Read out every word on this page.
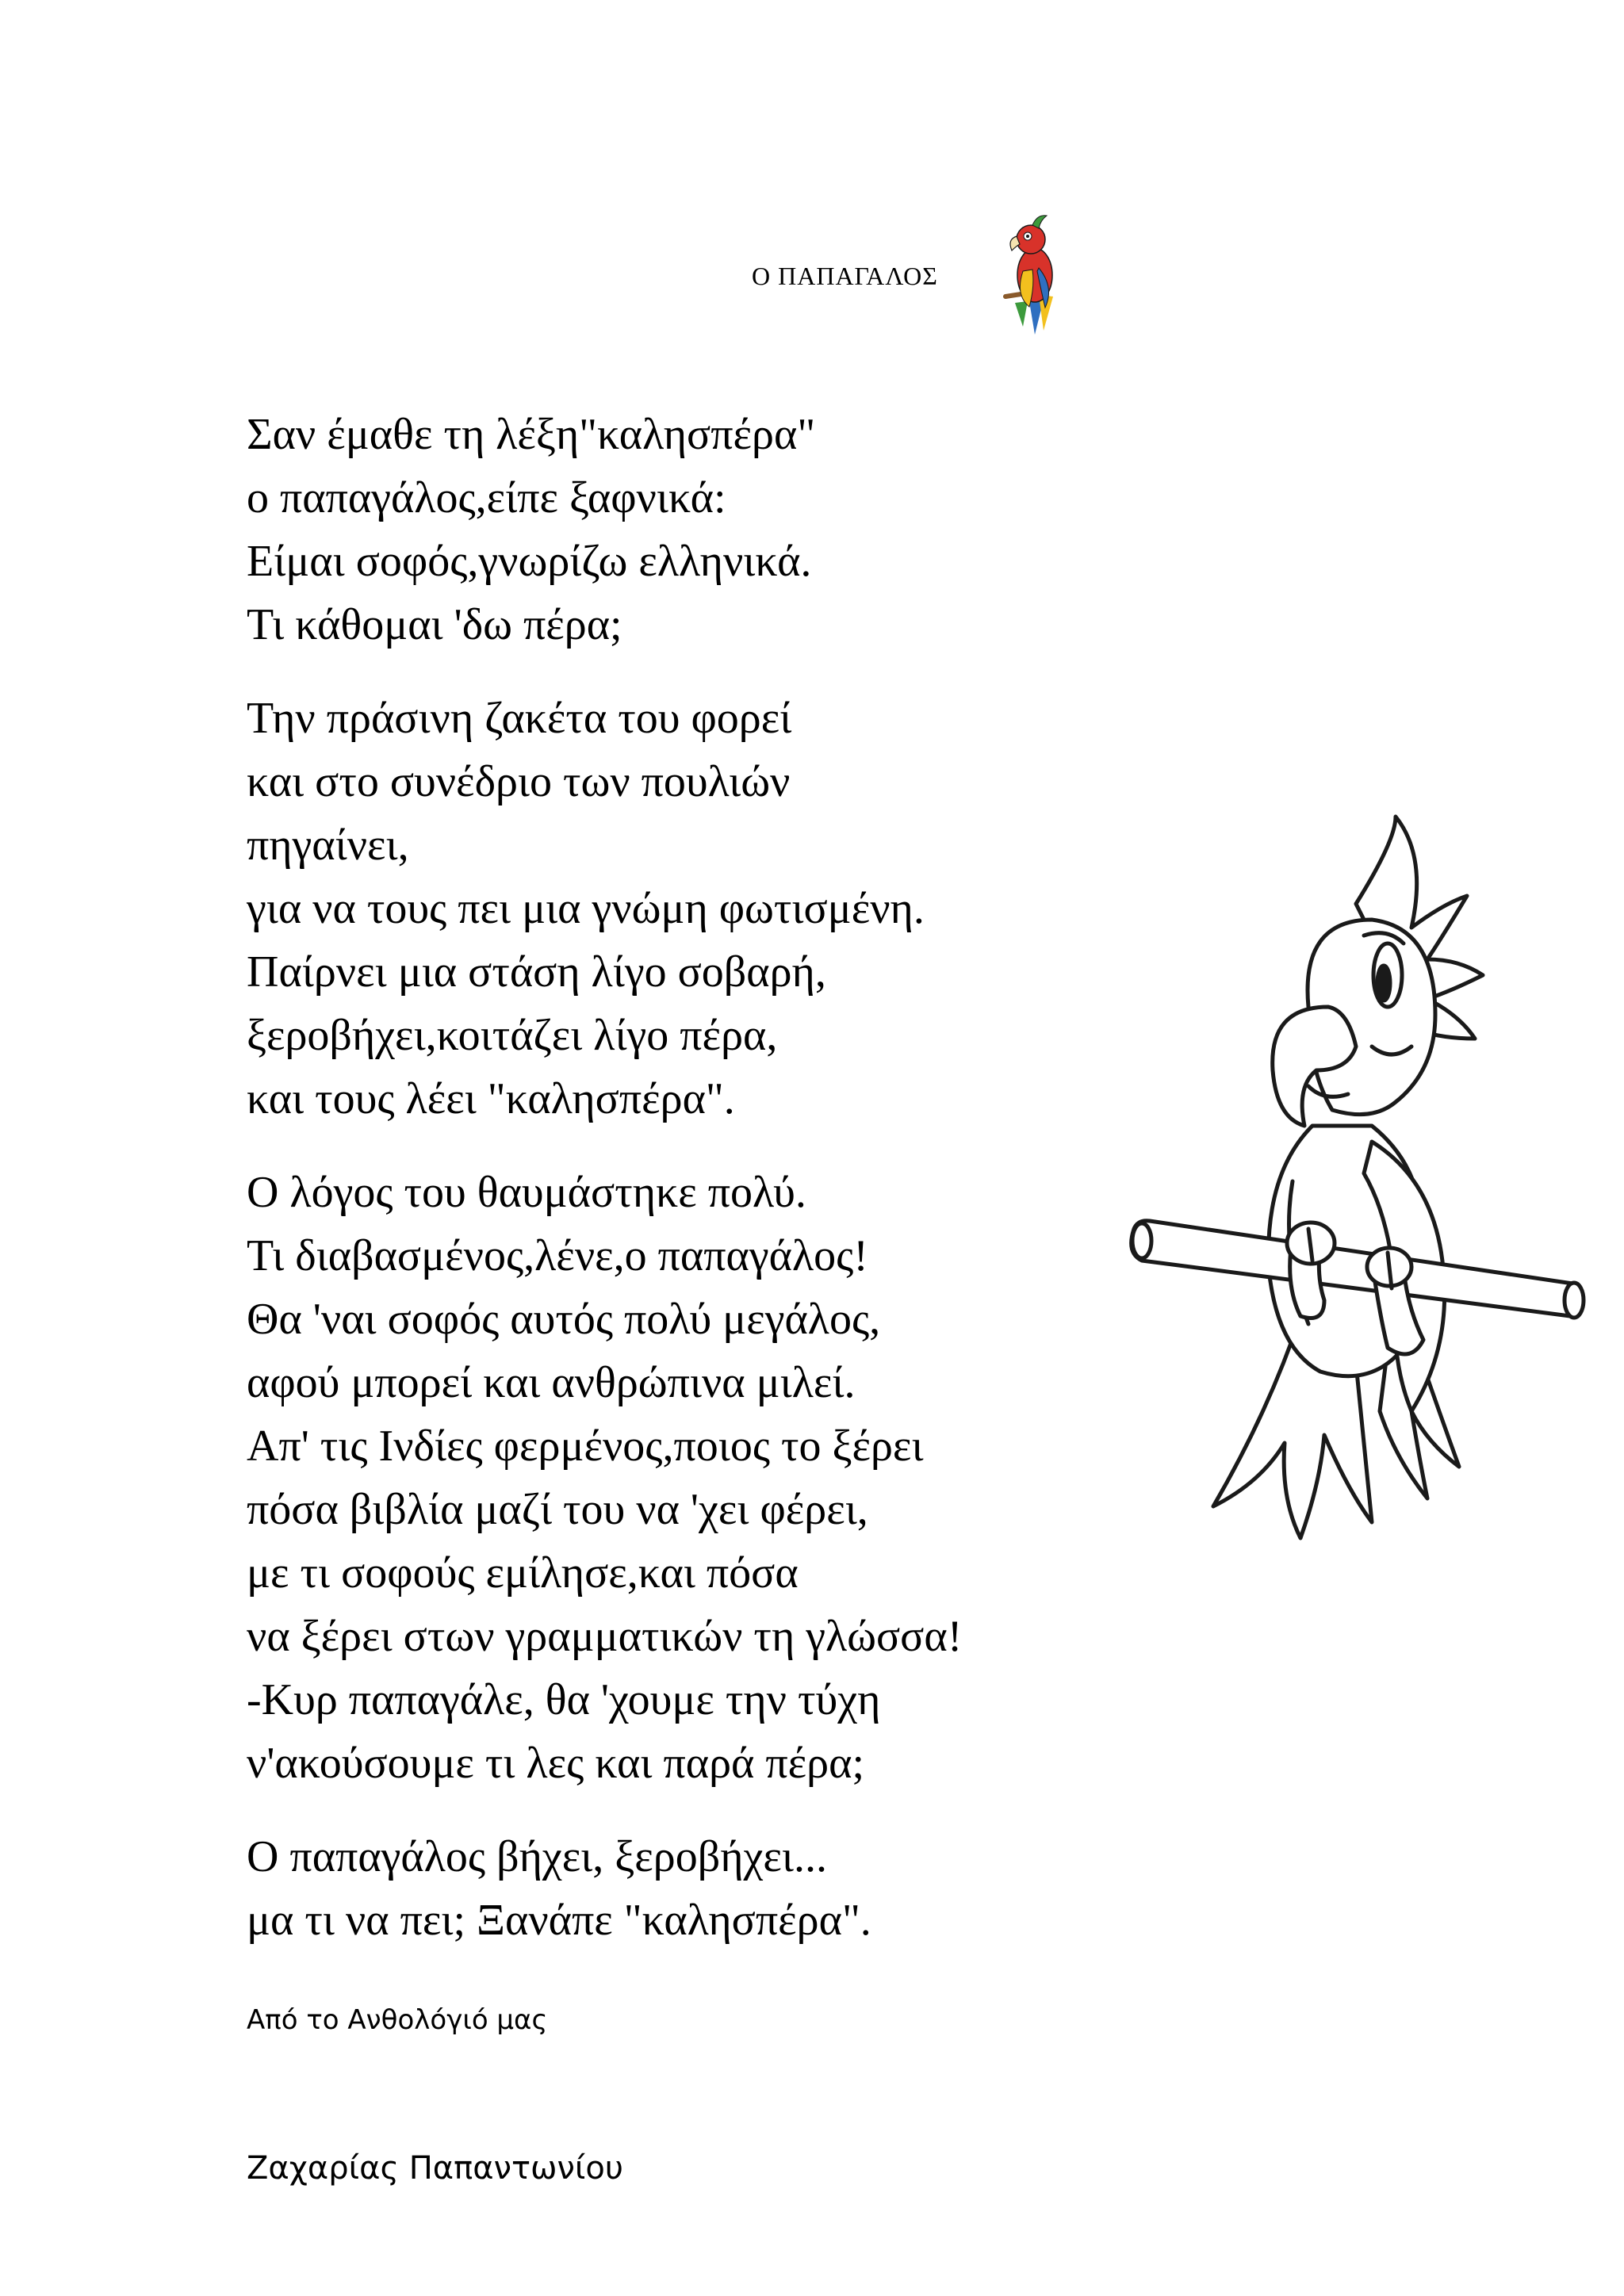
Ο ΠΑΠΑΓΑΛΟΣ
Σαν έμαθε τη λέξη"καλησπέρα"
ο παπαγάλος,είπε ξαφνικά:
Είμαι σοφός,γνωρίζω ελληνικά.
Τι κάθομαι 'δω πέρα;
Την πράσινη ζακέτα του φορεί
και στο συνέδριο των πουλιών
πηγαίνει,
για να τους πει μια γνώμη φωτισμένη.
Παίρνει μια στάση λίγο σοβαρή,
ξεροβήχει,κοιτάζει λίγο πέρα,
και τους λέει "καλησπέρα".
Ο λόγος του θαυμάστηκε πολύ.
Τι διαβασμένος,λένε,ο παπαγάλος!
Θα 'ναι σοφός αυτός πολύ μεγάλος,
αφού μπορεί και ανθρώπινα μιλεί.
Απ' τις Ινδίες φερμένος,ποιος το ξέρει
πόσα βιβλία μαζί του να 'χει φέρει,
με τι σοφούς εμίλησε,και πόσα
να ξέρει στων γραμματικών τη γλώσσα!
-Κυρ παπαγάλε, θα 'χουμε την τύχη
ν'ακούσουμε τι λες και παρά πέρα;
Ο παπαγάλος βήχει, ξεροβήχει...
μα τι να πει; Ξανάπε "καλησπέρα".
Από το Ανθολόγιό μας
Ζαχαρίας Παπαντωνίου
